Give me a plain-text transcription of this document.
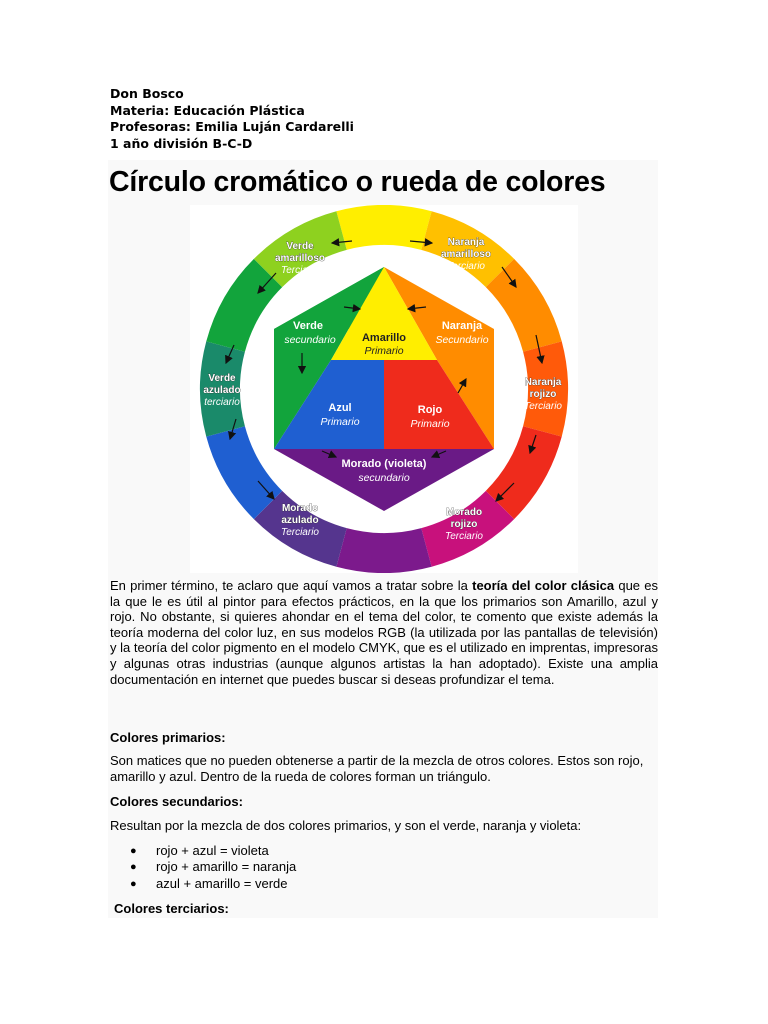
Don Bosco
Materia: Educación Plástica
Profesoras: Emilia Luján Cardarelli
1 año división B-C-D
Círculo cromático o rueda de colores
Verde
amarilloso
Terciario
Naranja
amarilloso
Terciario
Verde
azulado
terciario
Naranja
rojizo
Terciario
Morado
azulado
Terciario
Morado
rojizo
Terciario
Amarillo
Primario
Verde
secundario
Naranja
Secundario
Azul
Primario
Rojo
Primario
Morado (violeta)
secundario
En primer término, te aclaro que aquí vamos a tratar sobre la teoría del color clásica que es la que le es útil al pintor para efectos prácticos, en la que los primarios son Amarillo, azul y rojo. No obstante, si quieres ahondar en el tema del color, te comento que existe además la teoría moderna del color luz, en sus modelos RGB (la utilizada por las pantallas de televisión) y la teoría del color pigmento en el modelo CMYK, que es el utilizado en imprentas, impresoras y algunas otras industrias (aunque algunos artistas la han adoptado). Existe una amplia documentación en internet que puedes buscar si deseas profundizar el tema.
Colores primarios:
Son matices que no pueden obtenerse a partir de la mezcla de otros colores. Estos son rojo, amarillo y azul. Dentro de la rueda de colores forman un triángulo.
Colores secundarios:
Resultan por la mezcla de dos colores primarios, y son el verde, naranja y violeta:
● rojo + azul = violeta
● rojo + amarillo = naranja
● azul + amarillo = verde
Colores terciarios:
